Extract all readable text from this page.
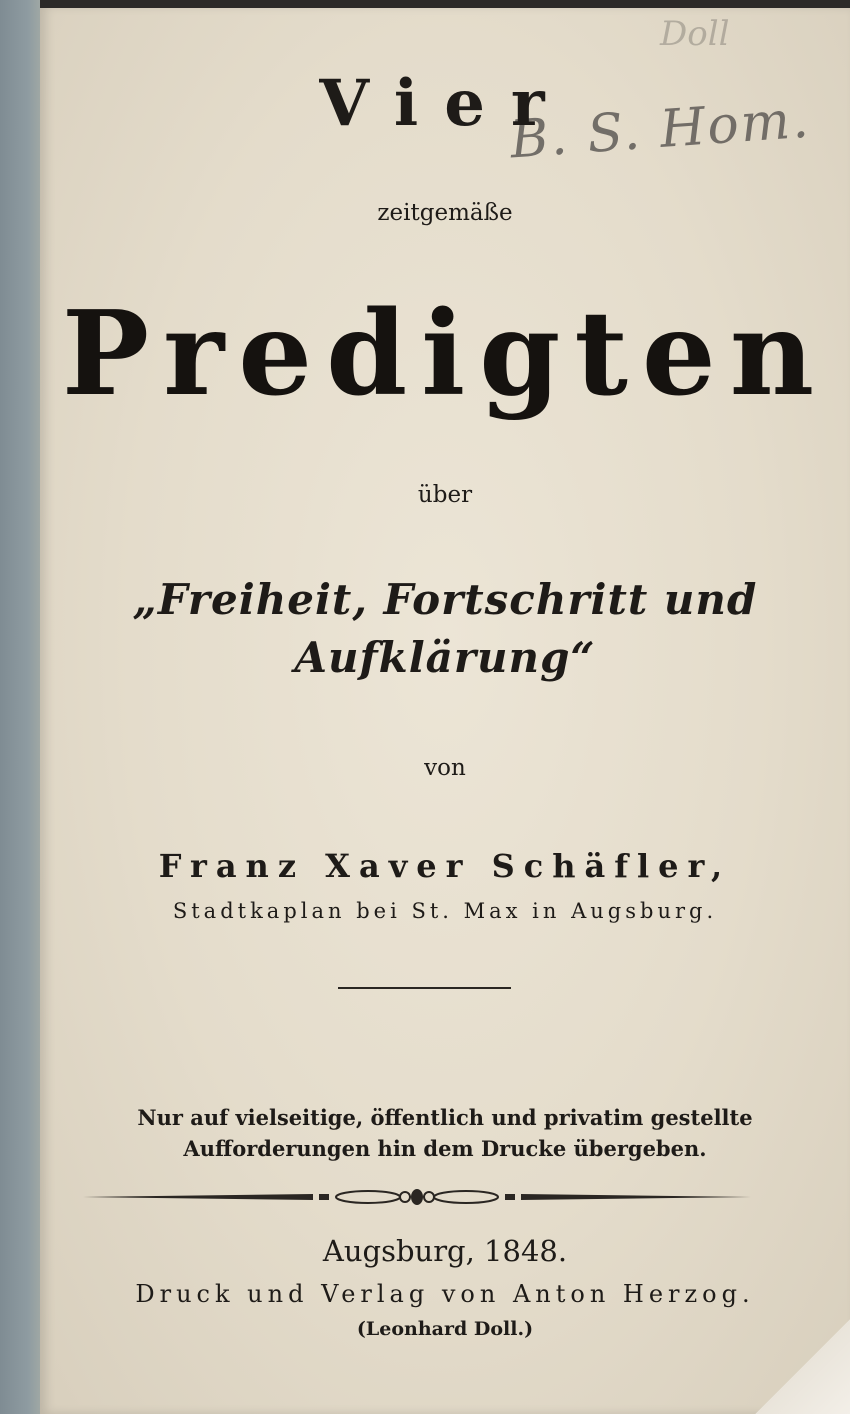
Doll
B. S. Hom.
Vier
zeitgemäße
Predigten
über
„Freiheit, Fortschritt und
Aufklärung“
von
Franz Xaver Schäfler,
Stadtkaplan bei St. Max in Augsburg.
Nur auf vielseitige, öffentlich und privatim gestellte
Aufforderungen hin dem Drucke übergeben.
Augsburg, 1848.
Druck und Verlag von Anton Herzog.
(Leonhard Doll.)
